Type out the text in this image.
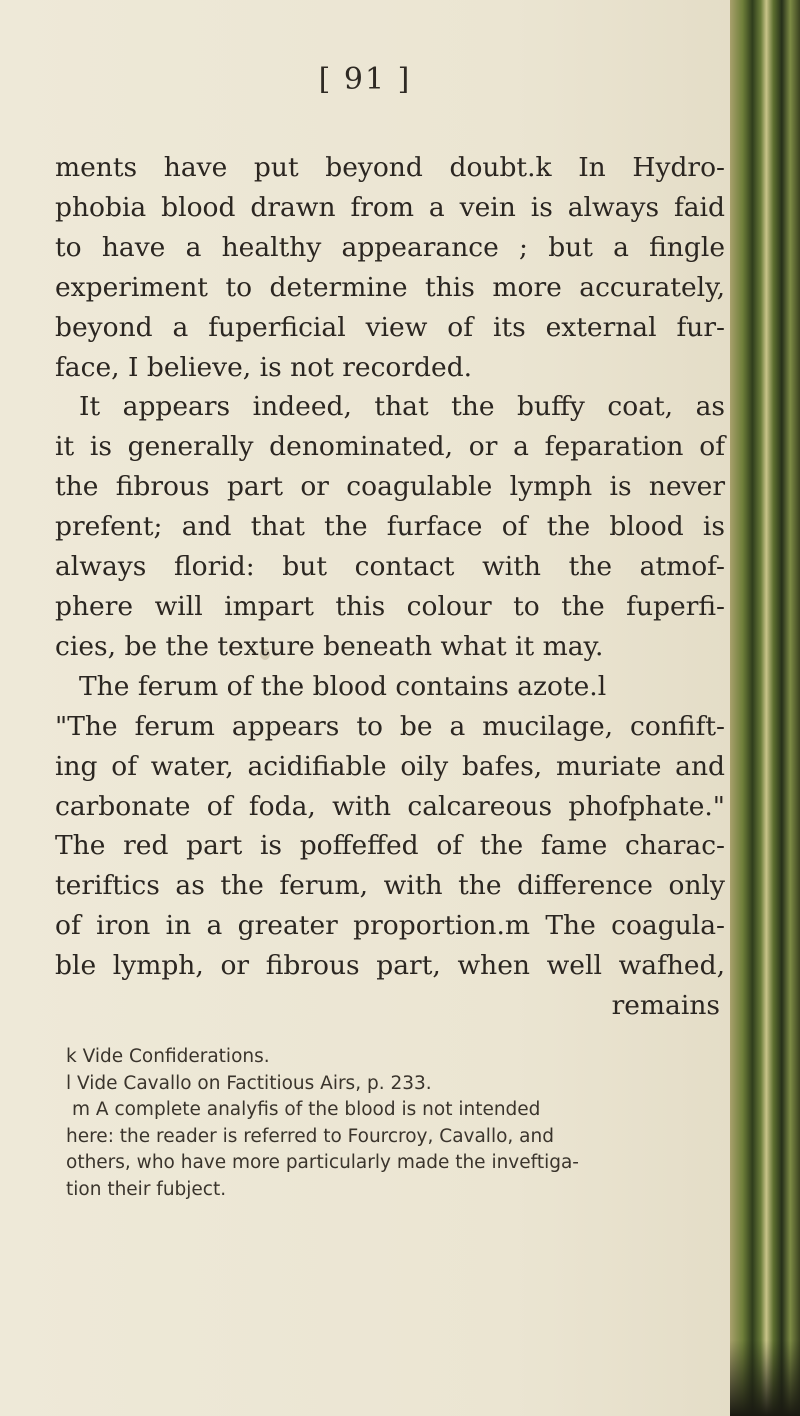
[ 91 ]
ments have put beyond doubt.k In Hydro-
phobia blood drawn from a vein is always faid
to have a healthy appearance ; but a fingle
experiment to determine this more accurately,
beyond a fuperficial view of its external fur-
face, I believe, is not recorded.
It appears indeed, that the buffy coat, as
it is generally denominated, or a feparation of
the fibrous part or coagulable lymph is never
prefent; and that the furface of the blood is
always florid: but contact with the atmof-
phere will impart this colour to the fuperfi-
cies, be the texture beneath what it may.
The ferum of the blood contains azote.l
"The ferum appears to be a mucilage, confift-
ing of water, acidifiable oily bafes, muriate and
carbonate of foda, with calcareous phofphate."
The red part is poffeffed of the fame charac-
teriftics as the ferum, with the difference only
of iron in a greater proportion.m The coagula-
ble lymph, or fibrous part, when well wafhed,
remains
k Vide Confiderations.
l Vide Cavallo on Factitious Airs, p. 233.
m A complete analyfis of the blood is not intended
here: the reader is referred to Fourcroy, Cavallo, and
others, who have more particularly made the inveftiga-
tion their fubject.
